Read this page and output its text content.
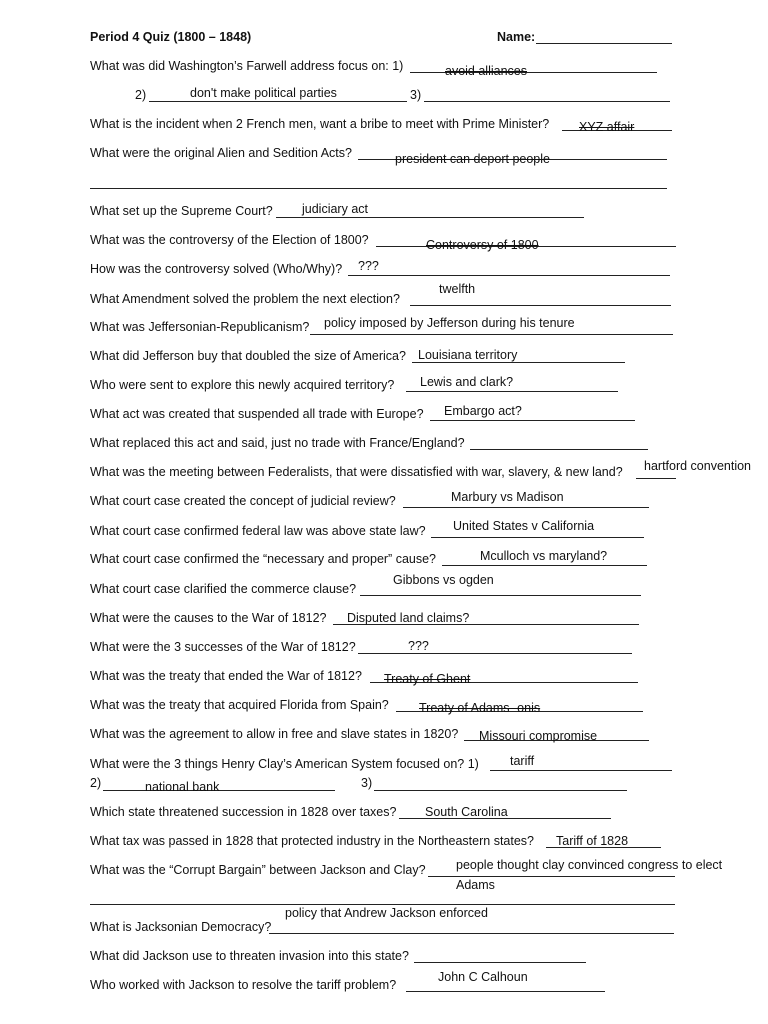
Period 4 Quiz (1800 – 1848)	Name:
What was did Washington’s Farwell address focus on: 1)	avoid alliances
2)	don't make political parties	3)
What is the incident when 2 French men, want a bribe to meet with Prime Minister? XYZ affair
What were the original Alien and Sedition Acts?	president can deport people
What set up the Supreme Court? judiciary act
What was the controversy of the Election of 1800?	Controversy of 1800
How was the controversy solved (Who/Why)? ???
What Amendment solved the problem the next election?
twelfth
What was Jeffersonian-Republicanism? policy imposed by Jefferson during his tenure
What did Jefferson buy that doubled the size of America? Louisiana territory
Who were sent to explore this newly acquired territory? Lewis and clark?
What act was created that suspended all trade with Europe? Embargo act?
What replaced this act and said, just no trade with France/England?
What was the meeting between Federalists, that were dissatisfied with war, slavery, & new land? hartford convention
What court case created the concept of judicial review?	Marbury vs Madison
What court case confirmed federal law was above state law? United States v California
What court case confirmed the “necessary and proper” cause?	Mculloch vs maryland?
What court case clarified the commerce clause?
Gibbons vs ogden
What were the causes to the War of 1812? Disputed land claims?
What were the 3 successes of the War of 1812?	???
What was the treaty that ended the War of 1812? Treaty of Ghent
What was the treaty that acquired Florida from Spain? Treaty of Adams -onis
What was the agreement to allow in free and slave states in 1820? Missouri compromise
What were the 3 things Henry Clay’s American System focused on? 1) tariff
2)	national bank	3)
Which state threatened succession in 1828 over taxes? South Carolina
What tax was passed in 1828 that protected industry in the Northeastern states? Tariff of 1828
What was the “Corrupt Bargain” between Jackson and Clay? people thought clay convinced congress to elect
Adams
What is Jacksonian Democracy?
policy that Andrew Jackson enforced
What did Jackson use to threaten invasion into this state?
Who worked with Jackson to resolve the tariff problem?
John C Calhoun
